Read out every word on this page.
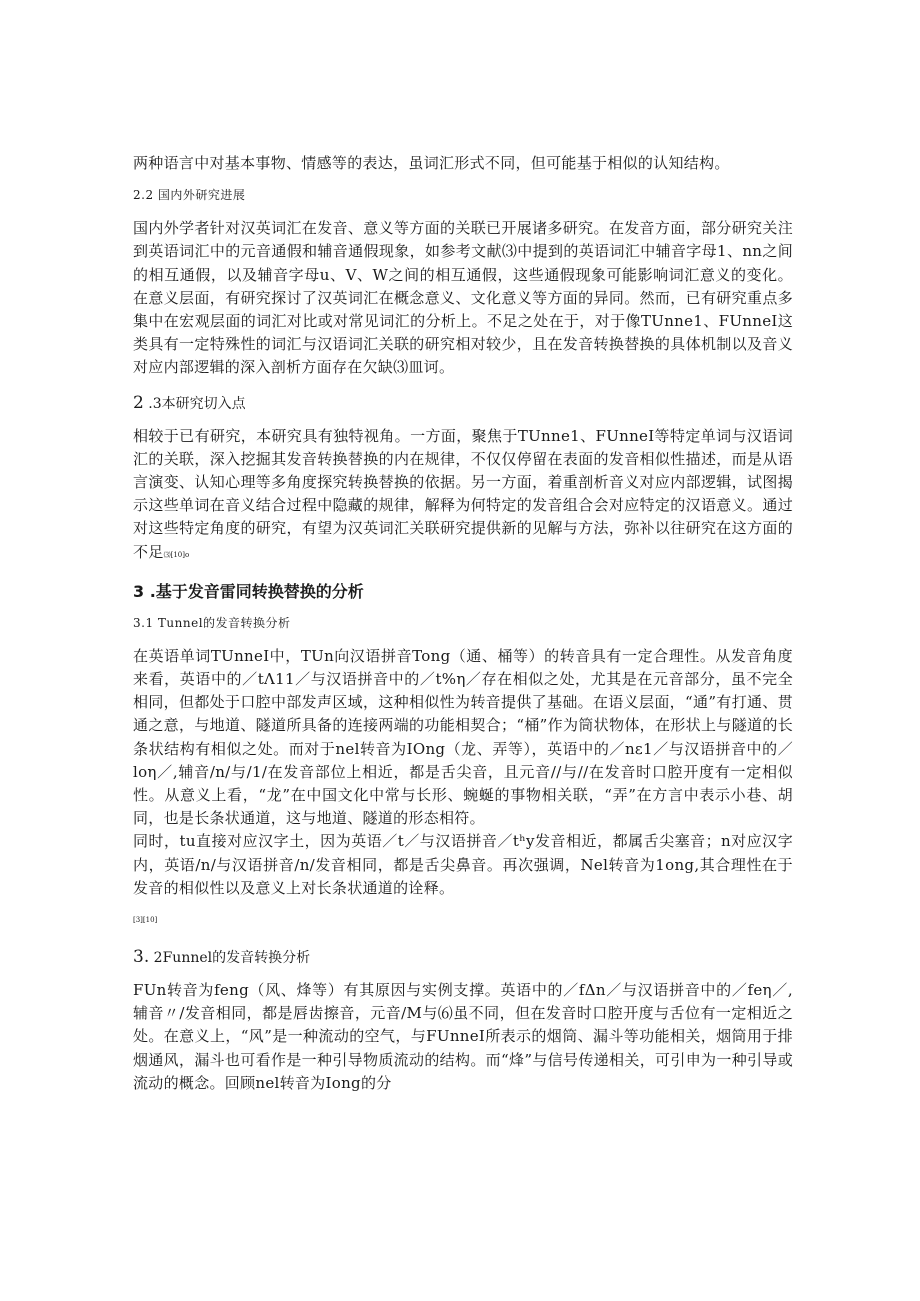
两种语言中对基本事物、情感等的表达，虽词汇形式不同，但可能基于相似的认知结构。

2.2 国内外研究进展

国内外学者针对汉英词汇在发音、意义等方面的关联已开展诸多研究。在发音方面，部分研究关注到英语词汇中的元音通假和辅音通假现象，如参考文献⑶中提到的英语词汇中辅音字母1、nn之间的相互通假，以及辅音字母u、V、W之间的相互通假，这些通假现象可能影响词汇意义的变化。在意义层面，有研究探讨了汉英词汇在概念意义、文化意义等方面的异同。然而，已有研究重点多集中在宏观层面的词汇对比或对常见词汇的分析上。不足之处在于，对于像TUnne1、FUnneI这类具有一定特殊性的词汇与汉语词汇关联的研究相对较少，且在发音转换替换的具体机制以及音义对应内部逻辑的深入剖析方面存在欠缺⑶皿诃。

2 .3本研究切入点

相较于已有研究，本研究具有独特视角。一方面，聚焦于TUnne1、FUnneI等特定单词与汉语词汇的关联，深入挖掘其发音转换替换的内在规律，不仅仅停留在表面的发音相似性描述，而是从语言演变、认知心理等多角度探究转换替换的依据。另一方面，着重剖析音义对应内部逻辑，试图揭示这些单词在音义结合过程中隐藏的规律，解释为何特定的发音组合会对应特定的汉语意义。通过对这些特定角度的研究，有望为汉英词汇关联研究提供新的见解与方法，弥补以往研究在这方面的不足⑶[10]o

3 .基于发音雷同转换替换的分析
3.1 Tunnel的发音转换分析

在英语单词TUnneI中，TUn向汉语拼音Tong（通、桶等）的转音具有一定合理性。从发音角度来看，英语中的／tΛ11／与汉语拼音中的／t%η／存在相似之处，尤其是在元音部分，虽不完全相同，但都处于口腔中部发声区域，这种相似性为转音提供了基础。在语义层面，“通”有打通、贯通之意，与地道、隧道所具备的连接两端的功能相契合；“桶”作为筒状物体，在形状上与隧道的长条状结构有相似之处。而对于nel转音为IOng（龙、弄等），英语中的／nε1／与汉语拼音中的／loη／,辅音/n/与/1/在发音部位上相近，都是舌尖音，且元音//与//在发音时口腔开度有一定相似性。从意义上看，“龙”在中国文化中常与长形、蜿蜒的事物相关联，“弄”在方言中表示小巷、胡同，也是长条状通道，这与地道、隧道的形态相符。

同时，tu直接对应汉字土，因为英语／t／与汉语拼音／tʰy发音相近，都属舌尖塞音；n对应汉字内，英语/n/与汉语拼音/n/发音相同，都是舌尖鼻音。再次强调，Nel转音为1ong,其合理性在于发音的相似性以及意义上对长条状通道的诠释。

[3][10]
3. 2Funnel的发音转换分析

FUn转音为feng（风、烽等）有其原因与实例支撑。英语中的／fΔn／与汉语拼音中的／feη／,辅音〃/发音相同，都是唇齿擦音，元音/M与⑹虽不同，但在发音时口腔开度与舌位有一定相近之处。在意义上，“风”是一种流动的空气，与FUnneI所表示的烟筒、漏斗等功能相关，烟筒用于排烟通风，漏斗也可看作是一种引导物质流动的结构。而“烽”与信号传递相关，可引申为一种引导或流动的概念。回顾nel转音为Iong的分
